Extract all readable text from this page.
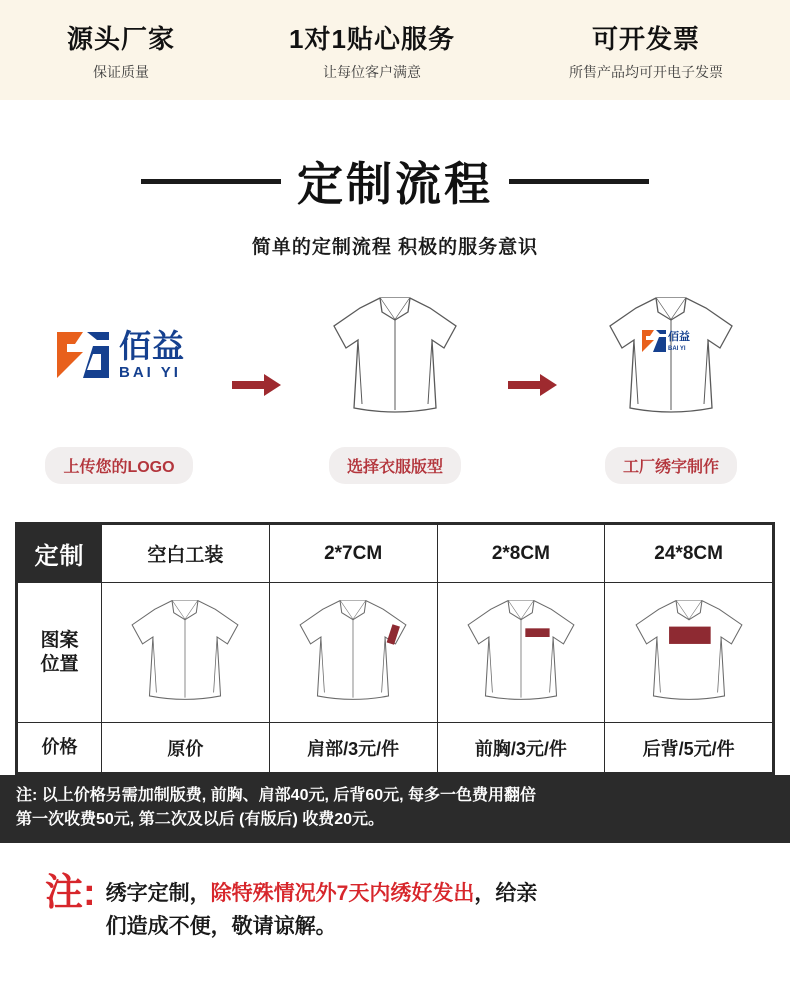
源头厂家
保证质量
1对1贴心服务
让每位客户满意
可开发票
所售产品均可开电子发票
定制流程
简单的定制流程 积极的服务意识
佰益
BAI YI
上传您的LOGO	选择衣服版型
佰益
BAI YI
工厂绣字制作
定制	空白工装	2*7CM	2*8CM	24*8CM

图案
位置

价格	原价	肩部/3元/件	前胸/3元/件	后背/5元/件
注: 以上价格另需加制版费, 前胸、肩部40元, 后背60元, 每多一色费用翻倍
第一次收费50元, 第二次及以后 (有版后) 收费20元。
注: 绣字定制，除特殊情况外7天内绣好发出，给亲
们造成不便，敬请谅解。
